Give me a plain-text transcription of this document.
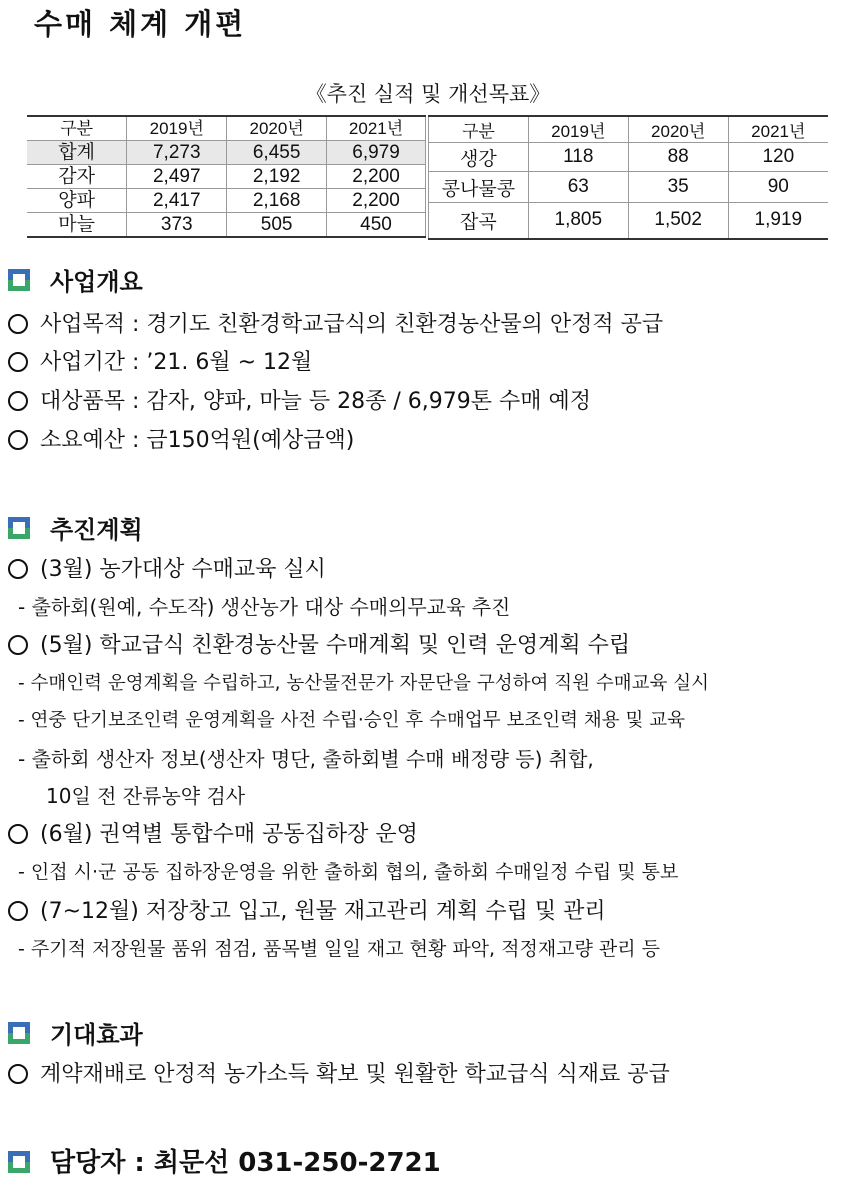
수매 체계 개편
《추진 실적 및 개선목표》
구분	2019년	2020년	2021년
합계	7,273	6,455	6,979
감자	2,497	2,192	2,200
양파	2,417	2,168	2,200
마늘	373	505	450
구분	2019년	2020년	2021년
생강	118	88	120
콩나물콩	63	35	90
잡곡	1,805	1,502	1,919
사업개요
사업목적 : 경기도 친환경학교급식의 친환경농산물의 안정적 공급
사업기간 : ’21. 6월 ~ 12월
대상품목 : 감자, 양파, 마늘 등 28종 / 6,979톤 수매 예정
소요예산 : 금150억원(예상금액)
추진계획
(3월) 농가대상 수매교육 실시
- 출하회(원예, 수도작) 생산농가 대상 수매의무교육 추진
(5월) 학교급식 친환경농산물 수매계획 및 인력 운영계획 수립
- 수매인력 운영계획을 수립하고, 농산물전문가 자문단을 구성하여 직원 수매교육 실시
- 연중 단기보조인력 운영계획을 사전 수립·승인 후 수매업무 보조인력 채용 및 교육
- 출하회 생산자 정보(생산자 명단, 출하회별 수매 배정량 등) 취합,
10일 전 잔류농약 검사
(6월) 권역별 통합수매 공동집하장 운영
- 인접 시·군 공동 집하장운영을 위한 출하회 협의, 출하회 수매일정 수립 및 통보
(7~12월) 저장창고 입고, 원물 재고관리 계획 수립 및 관리
- 주기적 저장원물 품위 점검, 품목별 일일 재고 현황 파악, 적정재고량 관리 등
기대효과
계약재배로 안정적 농가소득 확보 및 원활한 학교급식 식재료 공급
담당자 : 최문선 031-250-2721
